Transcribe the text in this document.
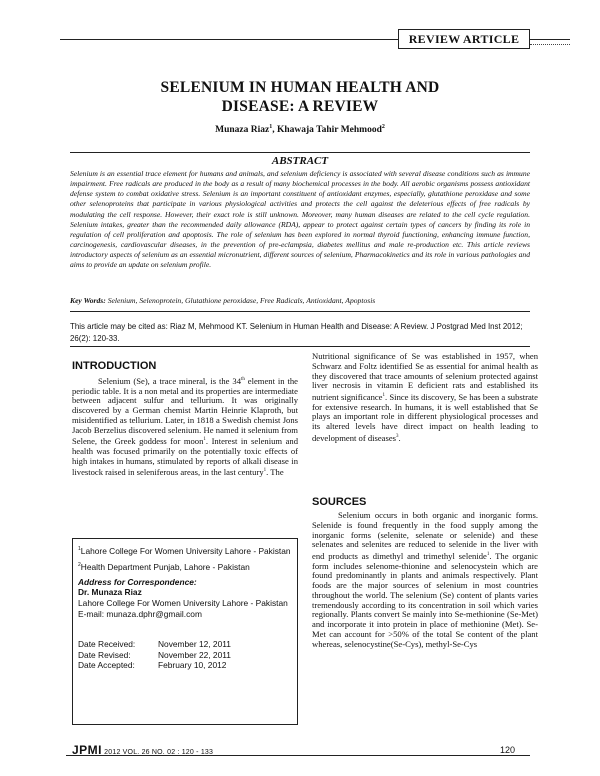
REVIEW ARTICLE
SELENIUM IN HUMAN HEALTH AND
DISEASE: A REVIEW
Munaza Riaz$^1$, Khawaja Tahir Mehmood$^2$
ABSTRACT
Selenium is an essential trace element for humans and animals, and selenium deficiency is associated with several disease conditions such as immune impairment. Free radicals are produced in the body as a result of many biochemical processes in the body. All aerobic organisms possess antioxidant defense system to combat oxidative stress. Selenium is an important constituent of antioxidant enzymes, especially, glutathione peroxidase and some other selenoproteins that participate in various physiological activities and protects the cell against the deleterious effects of free radicals by modulating the cell response. However, their exact role is still unknown. Moreover, many human diseases are related to the cell cycle regulation. Selenium intakes, greater than the recommended daily allowance (RDA), appear to protect against certain types of cancers by finding its role in regulation of cell proliferation and apoptosis. The role of selenium has been explored in normal thyroid functioning, enhancing immune function, carcinogenesis, cardiovascular diseases, in the prevention of pre-eclampsia, diabetes mellitus and male re-production etc. This article reviews introductory aspects of selenium as an essential micronutrient, different sources of selenium, Pharmacokinetics and its role in various pathologies and aims to provide an update on selenium profile.
Key Words: Selenium, Selenoprotein, Glutathione peroxidase, Free Radicals, Antioxidant, Apoptosis
This article may be cited as: Riaz M, Mehmood KT. Selenium in Human Health and Disease: A Review. J Postgrad Med Inst 2012; 26(2): 120-33.
INTRODUCTION
Selenium (Se), a trace mineral, is the 34th element in the periodic table. It is a non metal and its properties are intermediate between adjacent sulfur and tellurium. It was originally discovered by a German chemist Martin Heinrie Klaproth, but misidentified as tellurium. Later, in 1818 a Swedish chemist Jons Jacob Berzelius discovered selenium. He named it selenium from Selene, the Greek goddess for moon$^1$. Interest in selenium and health was focused primarily on the potentially toxic effects of high intakes in humans, stimulated by reports of alkali disease in livestock raised in seleniferous areas, in the last century$^1$. The
Nutritional significance of Se was established in 1957, when Schwarz and Foltz identified Se as essential for animal health as they discovered that trace amounts of selenium protected against liver necrosis in vitamin E deficient rats and established its nutrient significance$^1$. Since its discovery, Se has been a substrate for extensive research. In humans, it is well established that Se plays an important role in different physiological processes and its altered levels have direct impact on health leading to development of diseases$^3$.
SOURCES
Selenium occurs in both organic and inorganic forms. Selenide is found frequently in the food supply among the inorganic forms (selenite, selenate or selenide) and these selenates and selenites are reduced to selenide in the liver with end products as dimethyl and trimethyl selenide$^1$. The organic form includes selenome-thionine and selenocystein which are found predominantly in plants and animals respectively. Plant foods are the major sources of selenium in most countries throughout the world. The selenium (Se) content of plants varies tremendously according to its concentration in soil which varies regionally. Plants convert Se mainly into Se-methionine (Se-Met) and incorporate it into protein in place of methionine (Met). Se-Met can account for >50% of the total Se content of the plant whereas, selenocystine(Se-Cys), methyl-Se-Cys

$^1$Lahore College For Women University Lahore - Pakistan

$^2$Health Department Punjab, Lahore - Pakistan

Address for Correspondence:
Dr. Munaza Riaz
Lahore College For Women University Lahore - Pakistan
E-mail: munaza.dphr@gmail.com
Date Received:	November 12, 2011
Date Revised:	November 22, 2011
Date Accepted:	February 10, 2012
JPMI 2012 VOL. 26 NO. 02 : 120 - 133	120
